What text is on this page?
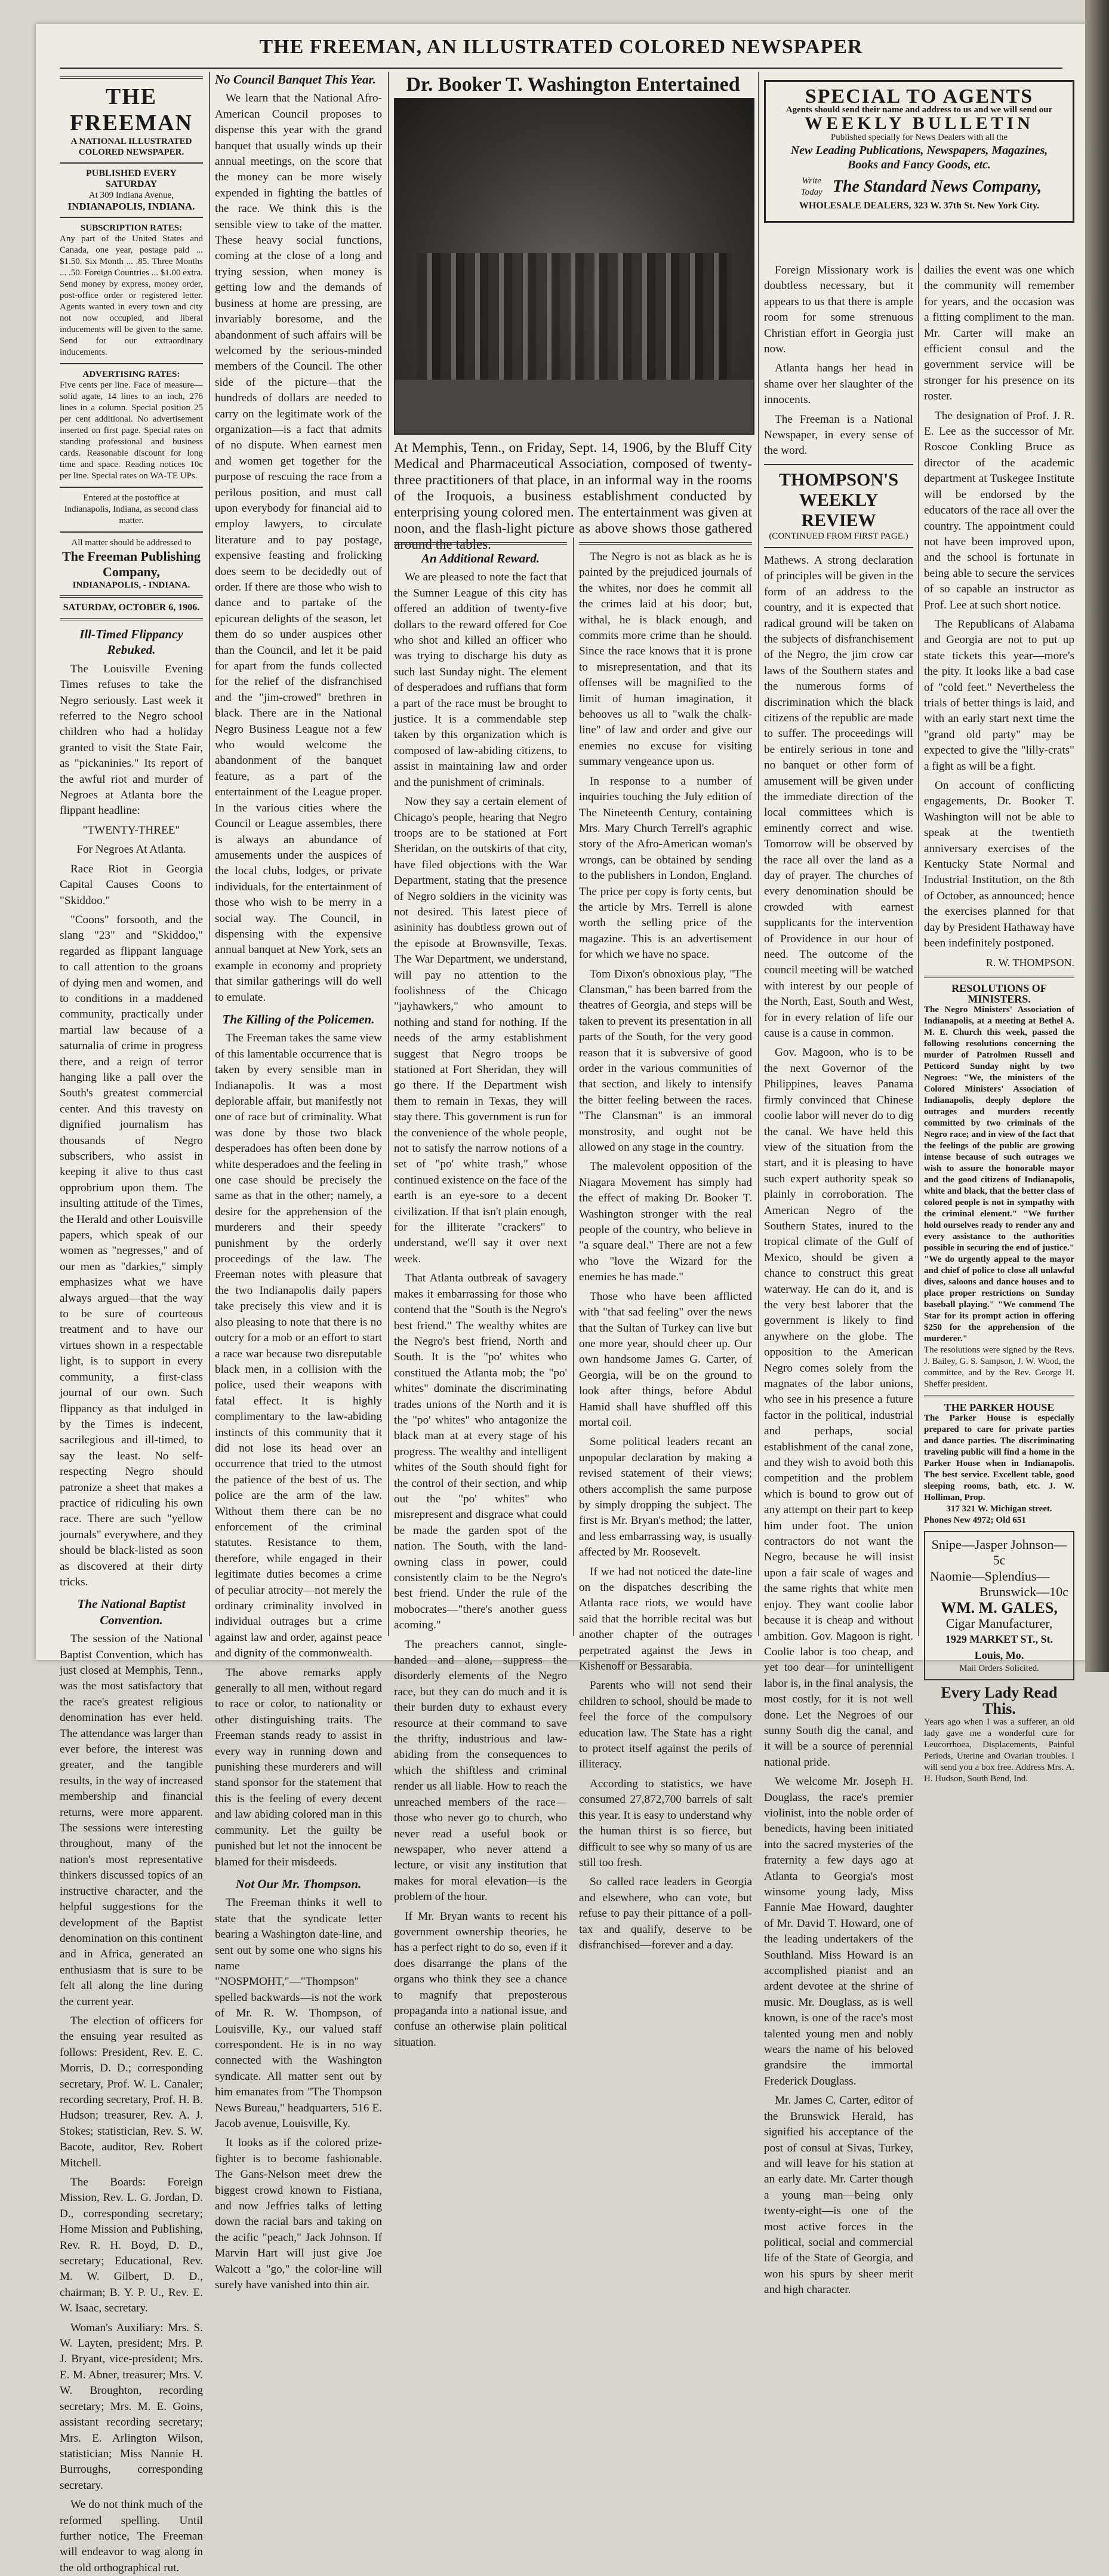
THE FREEMAN, AN ILLUSTRATED COLORED NEWSPAPER
THE FREEMAN
A NATIONAL ILLUSTRATED
COLORED NEWSPAPER.
PUBLISHED EVERY SATURDAY
At 309 Indiana Avenue,
INDIANAPOLIS, INDIANA.
SUBSCRIPTION RATES:
Any part of the United States and Canada, one year, postage paid ... $1.50. Six Month ... .85. Three Months ... .50. Foreign Countries ... $1.00 extra. Send money by express, money order, post-office order or registered letter. Agents wanted in every town and city not now occupied, and liberal inducements will be given to the same. Send for our extraordinary inducements.
ADVERTISING RATES:
Five cents per line. Face of measure—solid agate, 14 lines to an inch, 276 lines in a column. Special position 25 per cent additional. No advertisement inserted on first page. Special rates on standing professional and business cards. Reasonable discount for long time and space. Reading notices 10c per line. Special rates on WA-TE UPs.
Entered at the postoffice at Indianapolis, Indiana, as second class matter.
All matter should be addressed to
The Freeman Publishing Company,
INDIANAPOLIS, - INDIANA.
SATURDAY, OCTOBER 6, 1906.
Ill-Timed Flippancy Rebuked.

The Louisville Evening Times refuses to take the Negro seriously. Last week it referred to the Negro school children who had a holiday granted to visit the State Fair, as "pickaninies." Its report of the awful riot and murder of Negroes at Atlanta bore the flippant headline:

"TWENTY-THREE"

For Negroes At Atlanta.

Race Riot in Georgia Capital Causes Coons to "Skiddoo."

"Coons" forsooth, and the slang "23" and "Skiddoo," regarded as flippant language to call attention to the groans of dying men and women, and to conditions in a maddened community, practically under martial law because of a saturnalia of crime in progress there, and a reign of terror hanging like a pall over the South's greatest commercial center. And this travesty on dignified journalism has thousands of Negro subscribers, who assist in keeping it alive to thus cast opprobrium upon them. The insulting attitude of the Times, the Herald and other Louisville papers, which speak of our women as "negresses," and of our men as "darkies," simply emphasizes what we have always argued—that the way to be sure of courteous treatment and to have our virtues shown in a respectable light, is to support in every community, a first-class journal of our own. Such flippancy as that indulged in by the Times is indecent, sacrilegious and ill-timed, to say the least. No self-respecting Negro should patronize a sheet that makes a practice of ridiculing his own race. There are such "yellow journals" everywhere, and they should be black-listed as soon as discovered at their dirty tricks.

The National Baptist Convention.

The session of the National Baptist Convention, which has just closed at Memphis, Tenn., was the most satisfactory that the race's greatest religious denomination has ever held. The attendance was larger than ever before, the interest was greater, and the tangible results, in the way of increased membership and financial returns, were more apparent. The sessions were interesting throughout, many of the nation's most representative thinkers discussed topics of an instructive character, and the helpful suggestions for the development of the Baptist denomination on this continent and in Africa, generated an enthusiasm that is sure to be felt all along the line during the current year.

The election of officers for the ensuing year resulted as follows: President, Rev. E. C. Morris, D. D.; corresponding secretary, Prof. W. L. Canaler; recording secretary, Prof. H. B. Hudson; treasurer, Rev. A. J. Stokes; statistician, Rev. S. W. Bacote, auditor, Rev. Robert Mitchell.

The Boards: Foreign Mission, Rev. L. G. Jordan, D. D., corresponding secretary; Home Mission and Publishing, Rev. R. H. Boyd, D. D., secretary; Educational, Rev. M. W. Gilbert, D. D., chairman; B. Y. P. U., Rev. E. W. Isaac, secretary.

Woman's Auxiliary: Mrs. S. W. Layten, president; Mrs. P. J. Bryant, vice-president; Mrs. E. M. Abner, treasurer; Mrs. V. W. Broughton, recording secretary; Mrs. M. E. Goins, assistant recording secretary; Mrs. E. Arlington Wilson, statistician; Miss Nannie H. Burroughs, corresponding secretary.

We do not think much of the reformed spelling. Until further notice, The Freeman will endeavor to wag along in the old orthographical rut.

No Council Banquet This Year.

We learn that the National Afro-American Council proposes to dispense this year with the grand banquet that usually winds up their annual meetings, on the score that the money can be more wisely expended in fighting the battles of the race. We think this is the sensible view to take of the matter. These heavy social functions, coming at the close of a long and trying session, when money is getting low and the demands of business at home are pressing, are invariably boresome, and the abandonment of such affairs will be welcomed by the serious-minded members of the Council. The other side of the picture—that the hundreds of dollars are needed to carry on the legitimate work of the organization—is a fact that admits of no dispute. When earnest men and women get together for the purpose of rescuing the race from a perilous position, and must call upon everybody for financial aid to employ lawyers, to circulate literature and to pay postage, expensive feasting and frolicking does seem to be decidedly out of order. If there are those who wish to dance and to partake of the epicurean delights of the season, let them do so under auspices other than the Council, and let it be paid for apart from the funds collected for the relief of the disfranchised and the "jim-crowed" brethren in black. There are in the National Negro Business League not a few who would welcome the abandonment of the banquet feature, as a part of the entertainment of the League proper. In the various cities where the Council or League assembles, there is always an abundance of amusements under the auspices of the local clubs, lodges, or private individuals, for the entertainment of those who wish to be merry in a social way. The Council, in dispensing with the expensive annual banquet at New York, sets an example in economy and propriety that similar gatherings will do well to emulate.

The Killing of the Policemen.

The Freeman takes the same view of this lamentable occurrence that is taken by every sensible man in Indianapolis. It was a most deplorable affair, but manifestly not one of race but of criminality. What was done by those two black desperadoes has often been done by white desperadoes and the feeling in one case should be precisely the same as that in the other; namely, a desire for the apprehension of the murderers and their speedy punishment by the orderly proceedings of the law. The Freeman notes with pleasure that the two Indianapolis daily papers take precisely this view and it is also pleasing to note that there is no outcry for a mob or an effort to start a race war because two disreputable black men, in a collision with the police, used their weapons with fatal effect. It is highly complimentary to the law-abiding instincts of this community that it did not lose its head over an occurrence that tried to the utmost the patience of the best of us. The police are the arm of the law. Without them there can be no enforcement of the criminal statutes. Resistance to them, therefore, while engaged in their legitimate duties becomes a crime of peculiar atrocity—not merely the ordinary criminality involved in individual outrages but a crime against law and order, against peace and dignity of the commonwealth.

The above remarks apply generally to all men, without regard to race or color, to nationality or other distinguishing traits. The Freeman stands ready to assist in every way in running down and punishing these murderers and will stand sponsor for the statement that this is the feeling of every decent and law abiding colored man in this community. Let the guilty be punished but let not the innocent be blamed for their misdeeds.

Not Our Mr. Thompson.

The Freeman thinks it well to state that the syndicate letter bearing a Washington date-line, and sent out by some one who signs his name "NOSPMOHT,"—"Thompson" spelled backwards—is not the work of Mr. R. W. Thompson, of Louisville, Ky., our valued staff correspondent. He is in no way connected with the Washington syndicate. All matter sent out by him emanates from "The Thompson News Bureau," headquarters, 516 E. Jacob avenue, Louisville, Ky.

It looks as if the colored prize-fighter is to become fashionable. The Gans-Nelson meet drew the biggest crowd known to Fistiana, and now Jeffries talks of letting down the racial bars and taking on the acific "peach," Jack Johnson. If Marvin Hart will just give Joe Walcott a "go," the color-line will surely have vanished into thin air.

Dr. Booker T. Washington Entertained
At Memphis, Tenn., on Friday, Sept. 14, 1906, by the Bluff City Medical and Pharmaceutical Association, composed of twenty-three practitioners of that place, in an informal way in the rooms of the Iroquois, a business establishment conducted by enterprising young colored men. The entertainment was given at noon, and the flash-light picture as above shows those gathered around the tables.
An Additional Reward.

We are pleased to note the fact that the Sumner League of this city has offered an addition of twenty-five dollars to the reward offered for Coe who shot and killed an officer who was trying to discharge his duty as such last Sunday night. The element of desperadoes and ruffians that form a part of the race must be brought to justice. It is a commendable step taken by this organization which is composed of law-abiding citizens, to assist in maintaining law and order and the punishment of criminals.

Now they say a certain element of Chicago's people, hearing that Negro troops are to be stationed at Fort Sheridan, on the outskirts of that city, have filed objections with the War Department, stating that the presence of Negro soldiers in the vicinity was not desired. This latest piece of asininity has doubtless grown out of the episode at Brownsville, Texas. The War Department, we understand, will pay no attention to the foolishness of the Chicago "jayhawkers," who amount to nothing and stand for nothing. If the needs of the army establishment suggest that Negro troops be stationed at Fort Sheridan, they will go there. If the Department wish them to remain in Texas, they will stay there. This government is run for the convenience of the whole people, not to satisfy the narrow notions of a set of "po' white trash," whose continued existence on the face of the earth is an eye-sore to a decent civilization. If that isn't plain enough, for the illiterate "crackers" to understand, we'll say it over next week.

That Atlanta outbreak of savagery makes it embarrassing for those who contend that the "South is the Negro's best friend." The wealthy whites are the Negro's best friend, North and South. It is the "po' whites who constitued the Atlanta mob; the "po' whites" dominate the discriminating trades unions of the North and it is the "po' whites" who antagonize the black man at at every stage of his progress. The wealthy and intelligent whites of the South should fight for the control of their section, and whip out the "po' whites" who misrepresent and disgrace what could be made the garden spot of the nation. The South, with the land-owning class in power, could consistently claim to be the Negro's best friend. Under the rule of the mobocrates—"there's another guess acoming."

The preachers cannot, single-handed and alone, suppress the disorderly elements of the Negro race, but they can do much and it is their burden duty to exhaust every resource at their command to save the thrifty, industrious and law-abiding from the consequences to which the shiftless and criminal render us all liable. How to reach the unreached members of the race—those who never go to church, who never read a useful book or newspaper, who never attend a lecture, or visit any institution that makes for moral elevation—is the problem of the hour.

If Mr. Bryan wants to recent his government ownership theories, he has a perfect right to do so, even if it does disarrange the plans of the organs who think they see a chance to magnify that preposterous propaganda into a national issue, and confuse an otherwise plain political situation.

The Negro is not as black as he is painted by the prejudiced journals of the whites, nor does he commit all the crimes laid at his door; but, withal, he is black enough, and commits more crime than he should. Since the race knows that it is prone to misrepresentation, and that its offenses will be magnified to the limit of human imagination, it behooves us all to "walk the chalk-line" of law and order and give our enemies no excuse for visiting summary vengeance upon us.

In response to a number of inquiries touching the July edition of The Nineteenth Century, containing Mrs. Mary Church Terrell's agraphic story of the Afro-American woman's wrongs, can be obtained by sending to the publishers in London, England. The price per copy is forty cents, but the article by Mrs. Terrell is alone worth the selling price of the magazine. This is an advertisement for which we have no space.

Tom Dixon's obnoxious play, "The Clansman," has been barred from the theatres of Georgia, and steps will be taken to prevent its presentation in all parts of the South, for the very good reason that it is subversive of good order in the various communities of that section, and likely to intensify the bitter feeling between the races. "The Clansman" is an immoral monstrosity, and ought not be allowed on any stage in the country.

The malevolent opposition of the Niagara Movement has simply had the effect of making Dr. Booker T. Washington stronger with the real people of the country, who believe in "a square deal." There are not a few who "love the Wizard for the enemies he has made."

Those who have been afflicted with "that sad feeling" over the news that the Sultan of Turkey can live but one more year, should cheer up. Our own handsome James G. Carter, of Georgia, will be on the ground to look after things, before Abdul Hamid shall have shuffled off this mortal coil.

Some political leaders recant an unpopular declaration by making a revised statement of their views; others accomplish the same purpose by simply dropping the subject. The first is Mr. Bryan's method; the latter, and less embarrassing way, is usually affected by Mr. Roosevelt.

If we had not noticed the date-line on the dispatches describing the Atlanta race riots, we would have said that the horrible recital was but another chapter of the outrages perpetrated against the Jews in Kishenoff or Bessarabia.

Parents who will not send their children to school, should be made to feel the force of the compulsory education law. The State has a right to protect itself against the perils of illiteracy.

According to statistics, we have consumed 27,872,700 barrels of salt this year. It is easy to understand why the human thirst is so fierce, but difficult to see why so many of us are still too fresh.

So called race leaders in Georgia and elsewhere, who can vote, but refuse to pay their pittance of a poll-tax and qualify, deserve to be disfranchised—forever and a day.

SPECIAL TO AGENTS
Agents should send their name and address to us and we will send our
WEEKLY BULLETIN
Published specially for News Dealers with all the
New Leading Publications, Newspapers, Magazines, Books and Fancy Goods, etc.
Write Today The Standard News Company,
WHOLESALE DEALERS, 323 W. 37th St. New York City.

Foreign Missionary work is doubtless necessary, but it appears to us that there is ample room for some strenuous Christian effort in Georgia just now.

Atlanta hangs her head in shame over her slaughter of the innocents.

The Freeman is a National Newspaper, in every sense of the word.

THOMPSON'S WEEKLY REVIEW
(CONTINUED FROM FIRST PAGE.)

Mathews. A strong declaration of principles will be given in the form of an address to the country, and it is expected that radical ground will be taken on the subjects of disfranchisement of the Negro, the jim crow car laws of the Southern states and the numerous forms of discrimination which the black citizens of the republic are made to suffer. The proceedings will be entirely serious in tone and no banquet or other form of amusement will be given under the immediate direction of the local committees which is eminently correct and wise. Tomorrow will be observed by the race all over the land as a day of prayer. The churches of every denomination should be crowded with earnest supplicants for the intervention of Providence in our hour of need. The outcome of the council meeting will be watched with interest by our people of the North, East, South and West, for in every relation of life our cause is a cause in common.

Gov. Magoon, who is to be the next Governor of the Philippines, leaves Panama firmly convinced that Chinese coolie labor will never do to dig the canal. We have held this view of the situation from the start, and it is pleasing to have such expert authority speak so plainly in corroboration. The American Negro of the Southern States, inured to the tropical climate of the Gulf of Mexico, should be given a chance to construct this great waterway. He can do it, and is the very best laborer that the government is likely to find anywhere on the globe. The opposition to the American Negro comes solely from the magnates of the labor unions, who see in his presence a future factor in the political, industrial and perhaps, social establishment of the canal zone, and they wish to avoid both this competition and the problem which is bound to grow out of any attempt on their part to keep him under foot. The union contractors do not want the Negro, because he will insist upon a fair scale of wages and the same rights that white men enjoy. They want coolie labor because it is cheap and without ambition. Gov. Magoon is right. Coolie labor is too cheap, and yet too dear—for unintelligent labor is, in the final analysis, the most costly, for it is not well done. Let the Negroes of our sunny South dig the canal, and it will be a source of perennial national pride.

We welcome Mr. Joseph H. Douglass, the race's premier violinist, into the noble order of benedicts, having been initiated into the sacred mysteries of the fraternity a few days ago at Atlanta to Georgia's most winsome young lady, Miss Fannie Mae Howard, daughter of Mr. David T. Howard, one of the leading undertakers of the Southland. Miss Howard is an accomplished pianist and an ardent devotee at the shrine of music. Mr. Douglass, as is well known, is one of the race's most talented young men and nobly wears the name of his beloved grandsire the immortal Frederick Douglass.

Mr. James C. Carter, editor of the Brunswick Herald, has signified his acceptance of the post of consul at Sivas, Turkey, and will leave for his station at an early date. Mr. Carter though a young man—being only twenty-eight—is one of the most active forces in the political, social and commercial life of the State of Georgia, and won his spurs by sheer merit and high character.

dailies the event was one which the community will remember for years, and the occasion was a fitting compliment to the man. Mr. Carter will make an efficient consul and the government service will be stronger for his presence on its roster.

The designation of Prof. J. R. E. Lee as the successor of Mr. Roscoe Conkling Bruce as director of the academic department at Tuskegee Institute will be endorsed by the educators of the race all over the country. The appointment could not have been improved upon, and the school is fortunate in being able to secure the services of so capable an instructor as Prof. Lee at such short notice.

The Republicans of Alabama and Georgia are not to put up state tickets this year—more's the pity. It looks like a bad case of "cold feet." Nevertheless the trials of better things is laid, and with an early start next time the "grand old party" may be expected to give the "lilly-crats" a fight as will be a fight.

On account of conflicting engagements, Dr. Booker T. Washington will not be able to speak at the twentieth anniversary exercises of the Kentucky State Normal and Industrial Institution, on the 8th of October, as announced; hence the exercises planned for that day by President Hathaway have been indefinitely postponed.

R. W. THOMPSON.
RESOLUTIONS OF MINISTERS.
The Negro Ministers' Association of Indianapolis, at a meeting at Bethel A. M. E. Church this week, passed the following resolutions concerning the murder of Patrolmen Russell and Petticord Sunday night by two Negroes: "We, the ministers of the Colored Ministers' Association of Indianapolis, deeply deplore the outrages and murders recently committed by two criminals of the Negro race; and in view of the fact that the feelings of the public are growing intense because of such outrages we wish to assure the honorable mayor and the good citizens of Indianapolis, white and black, that the better class of colored people is not in sympathy with the criminal element." "We further hold ourselves ready to render any and every assistance to the authorities possible in securing the end of justice." "We do urgently appeal to the mayor and chief of police to close all unlawful dives, saloons and dance houses and to place proper restrictions on Sunday baseball playing." "We commend The Star for its prompt action in offering $250 for the apprehension of the murderer."
The resolutions were signed by the Revs. J. Bailey, G. S. Sampson, J. W. Wood, the committee, and by the Rev. George H. Sheffer president.
THE PARKER HOUSE
The Parker House is especially prepared to care for private parties and dance parties. The discriminating traveling public will find a home in the Parker House when in Indianapolis. The best service. Excellent table, good sleeping rooms, bath, etc. J. W. Holliman, Prop.
317 321 W. Michigan street.
Phones New 4972; Old 651
Snipe—Jasper Johnson—5c
Naomie—Splendius—
Brunswick—10c
WM. M. GALES,
Cigar Manufacturer,
1929 MARKET ST., St. Louis, Mo.
Mail Orders Solicited.
Every Lady Read This.
Years ago when I was a sufferer, an old lady gave me a wonderful cure for Leucorrhoea, Displacements, Painful Periods, Uterine and Ovarian troubles. I will send you a box free. Address Mrs. A. H. Hudson, South Bend, Ind.
